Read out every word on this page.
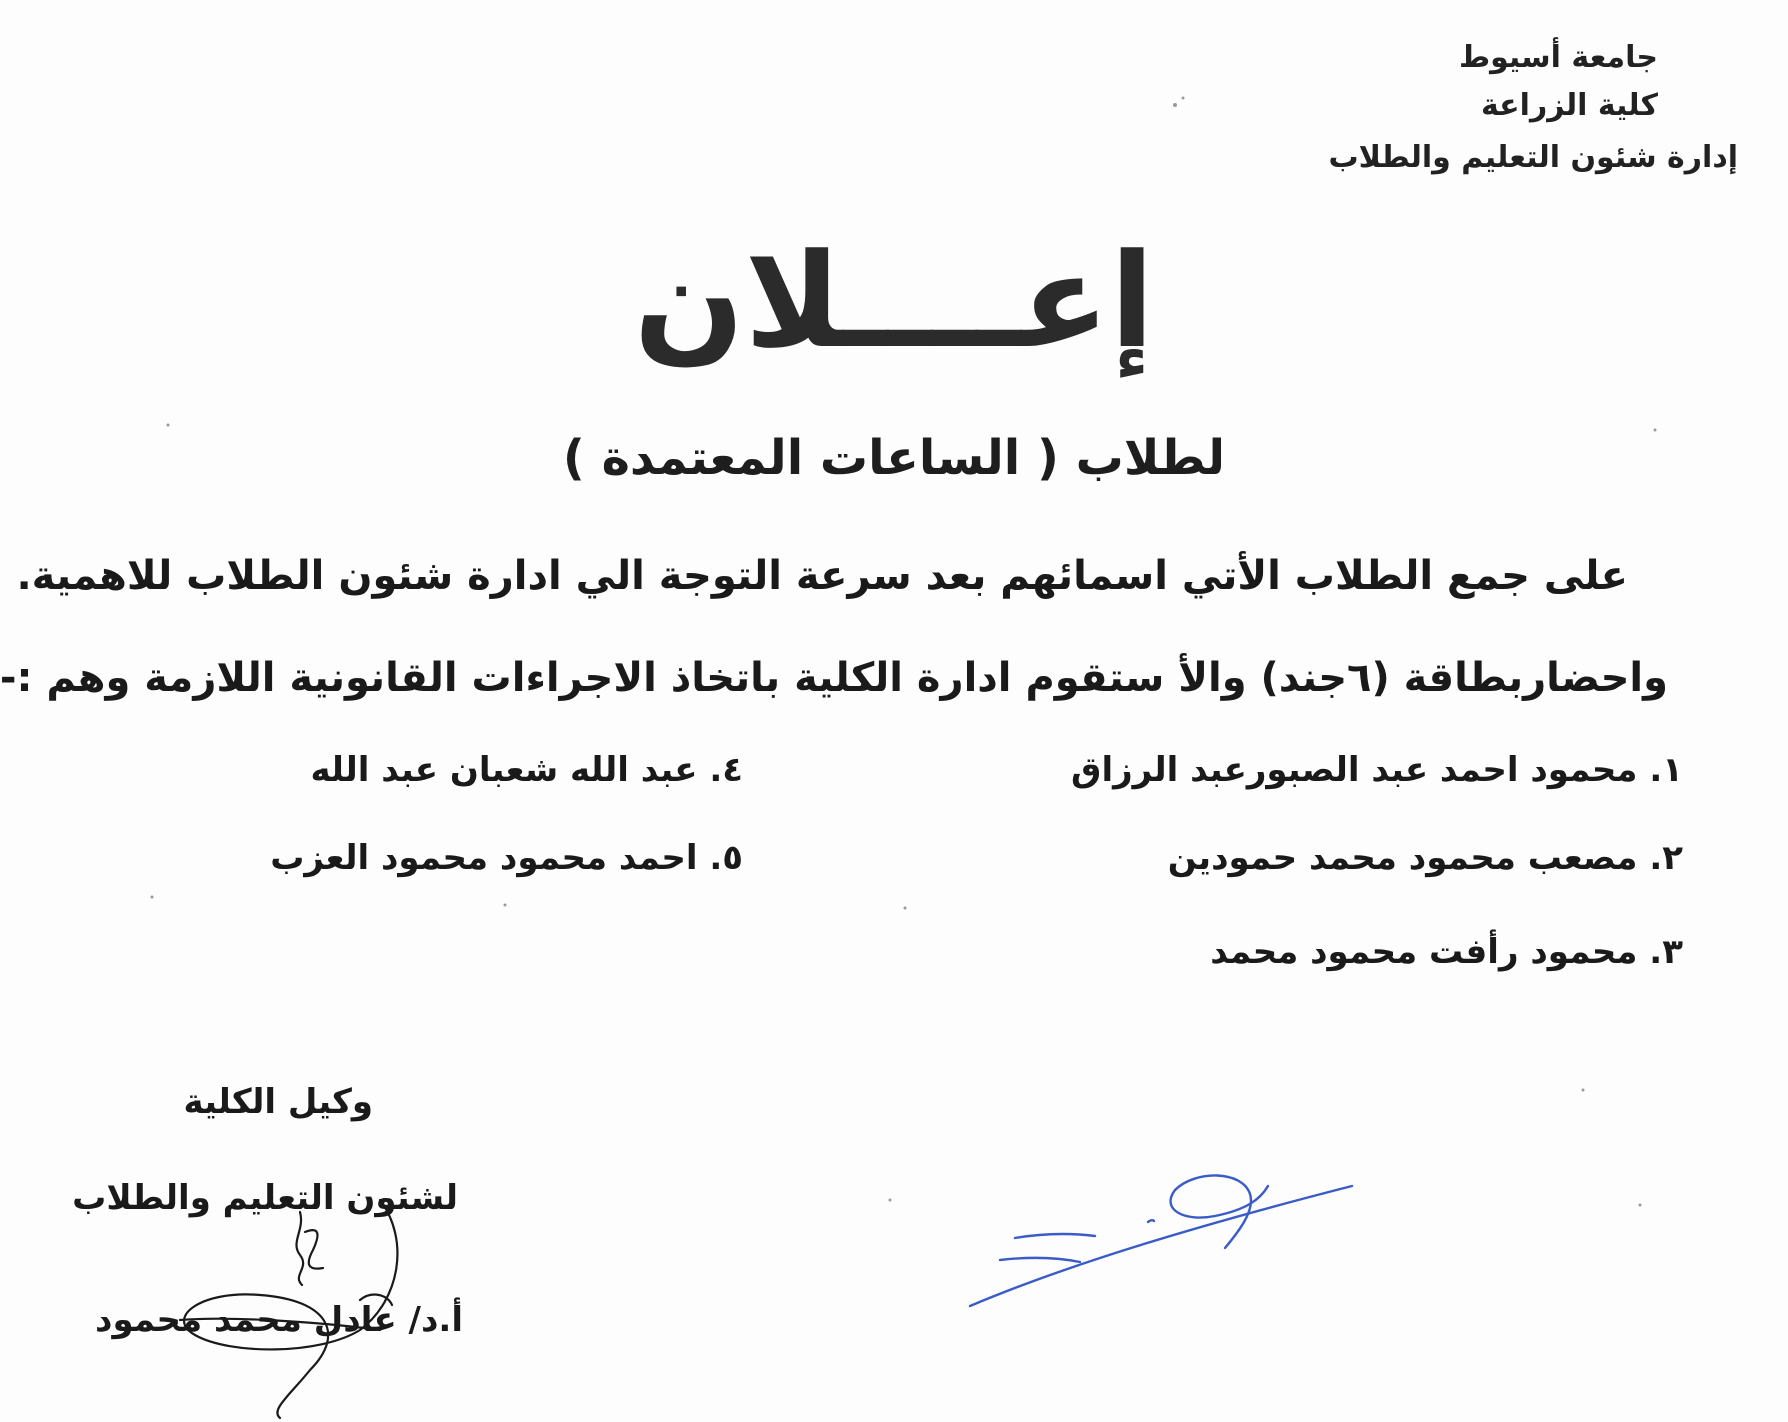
جامعة أسيوط
كلية الزراعة
إدارة شئون التعليم والطلاب
إعــــلان
لطلاب ( الساعات المعتمدة )
على جمع الطلاب الأتي اسمائهم بعد سرعة التوجة الي ادارة شئون الطلاب للاهمية.
واحضاربطاقة (٦جند) والأ ستقوم ادارة الكلية باتخاذ الاجراءات القانونية اللازمة وهم :-
١. محمود احمد عبد الصبورعبد الرزاق
٢. مصعب محمود محمد حمودين
٣. محمود رأفت محمود محمد
٤. عبد الله شعبان عبد الله
٥. احمد محمود محمود العزب
وكيل الكلية
لشئون التعليم والطلاب
أ.د/ عادل محمد محمود
